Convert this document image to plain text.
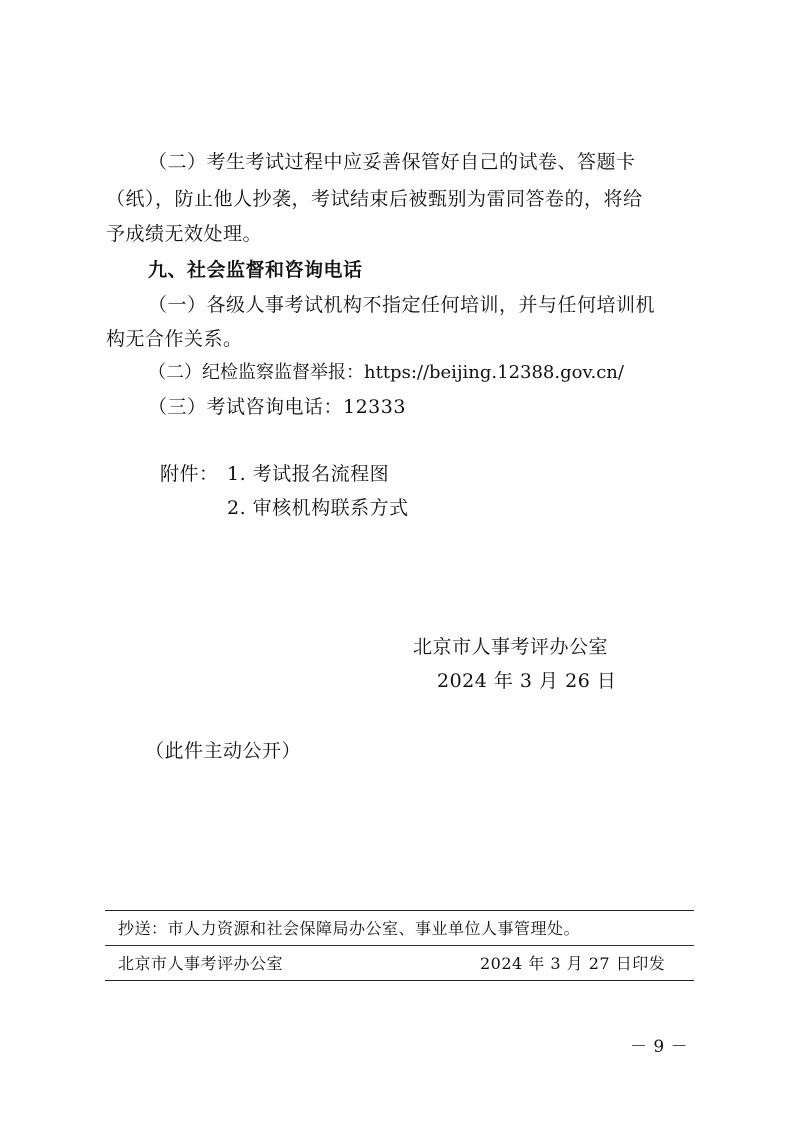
（二）考生考试过程中应妥善保管好自己的试卷、答题卡
（纸），防止他人抄袭，考试结束后被甄别为雷同答卷的，将给
予成绩无效处理。
九、社会监督和咨询电话
（一）各级人事考试机构不指定任何培训，并与任何培训机
构无合作关系。
（二）纪检监察监督举报：https://beijing.12388.gov.cn/
（三）考试咨询电话：12333
附件： 1. 考试报名流程图
2. 审核机构联系方式
北京市人事考评办公室
2024 年 3 月 26 日
（此件主动公开）
抄送：市人力资源和社会保障局办公室、事业单位人事管理处。
北京市人事考评办公室	2024 年 3 月 27 日印发
－ 9 －
